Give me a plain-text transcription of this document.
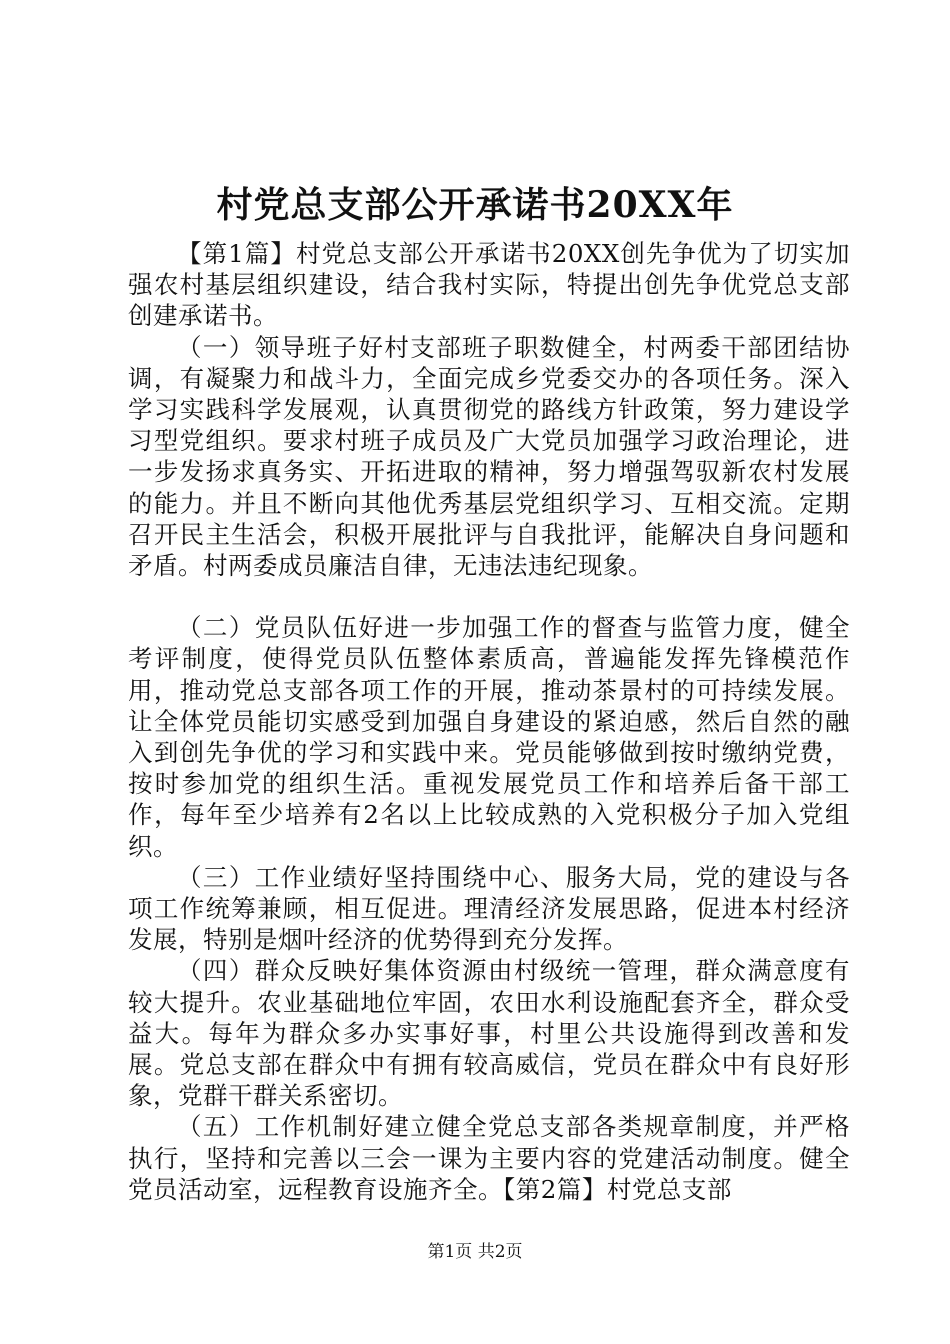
村党总支部公开承诺书20XX年

【第1篇】村党总支部公开承诺书20XX创先争优为了切实加强农村基层组织建设，结合我村实际，特提出创先争优党总支部创建承诺书。

（一）领导班子好村支部班子职数健全，村两委干部团结协调，有凝聚力和战斗力，全面完成乡党委交办的各项任务。深入学习实践科学发展观，认真贯彻党的路线方针政策，努力建设学习型党组织。要求村班子成员及广大党员加强学习政治理论，进一步发扬求真务实、开拓进取的精神，努力增强驾驭新农村发展的能力。并且不断向其他优秀基层党组织学习、互相交流。定期召开民主生活会，积极开展批评与自我批评，能解决自身问题和矛盾。村两委成员廉洁自律，无违法违纪现象。

（二）党员队伍好进一步加强工作的督查与监管力度，健全考评制度，使得党员队伍整体素质高，普遍能发挥先锋模范作用，推动党总支部各项工作的开展，推动茶景村的可持续发展。让全体党员能切实感受到加强自身建设的紧迫感，然后自然的融入到创先争优的学习和实践中来。党员能够做到按时缴纳党费，按时参加党的组织生活。重视发展党员工作和培养后备干部工作，每年至少培养有2名以上比较成熟的入党积极分子加入党组织。

（三）工作业绩好坚持围绕中心、服务大局，党的建设与各项工作统筹兼顾，相互促进。理清经济发展思路，促进本村经济发展，特别是烟叶经济的优势得到充分发挥。

（四）群众反映好集体资源由村级统一管理，群众满意度有较大提升。农业基础地位牢固，农田水利设施配套齐全，群众受益大。每年为群众多办实事好事，村里公共设施得到改善和发展。党总支部在群众中有拥有较高威信，党员在群众中有良好形象，党群干群关系密切。

（五）工作机制好建立健全党总支部各类规章制度，并严格执行，坚持和完善以三会一课为主要内容的党建活动制度。健全党员活动室，远程教育设施齐全。【第2篇】村党总支部

第1页 共2页
